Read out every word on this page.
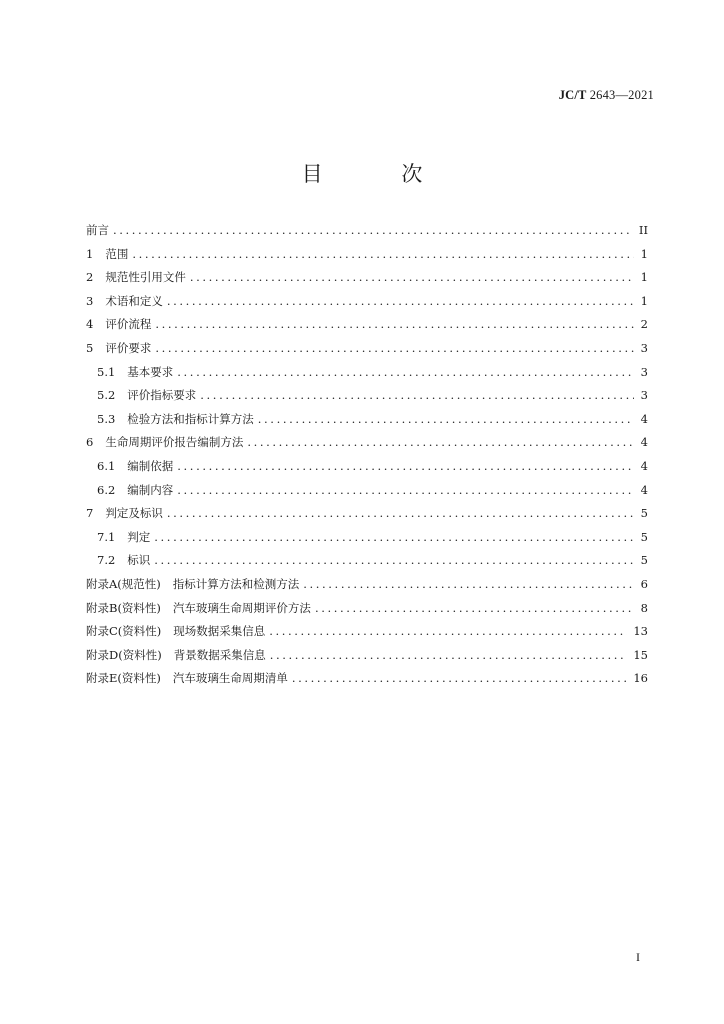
JC/T 2643—2021
目 次
前言 .....	II
1	范围 .....	1
2	规范性引用文件 .....	1
3	术语和定义 .....	1
4	评价流程 .....	2
5	评价要求 .....	3
5.1	基本要求 .....	3
5.2	评价指标要求 .....	3
5.3	检验方法和指标计算方法 .....	4
6	生命周期评价报告编制方法 .....	4
6.1	编制依据 .....	4
6.2	编制内容 .....	4
7	判定及标识 .....	5
7.1	判定 .....	5
7.2	标识 .....	5
附录A(规范性)	指标计算方法和检测方法 .....	6
附录B(资料性)	汽车玻璃生命周期评价方法 .....	8
附录C(资料性)	现场数据采集信息 .....	13
附录D(资料性)	背景数据采集信息 .....	15
附录E(资料性)	汽车玻璃生命周期清单 .....	16
I
